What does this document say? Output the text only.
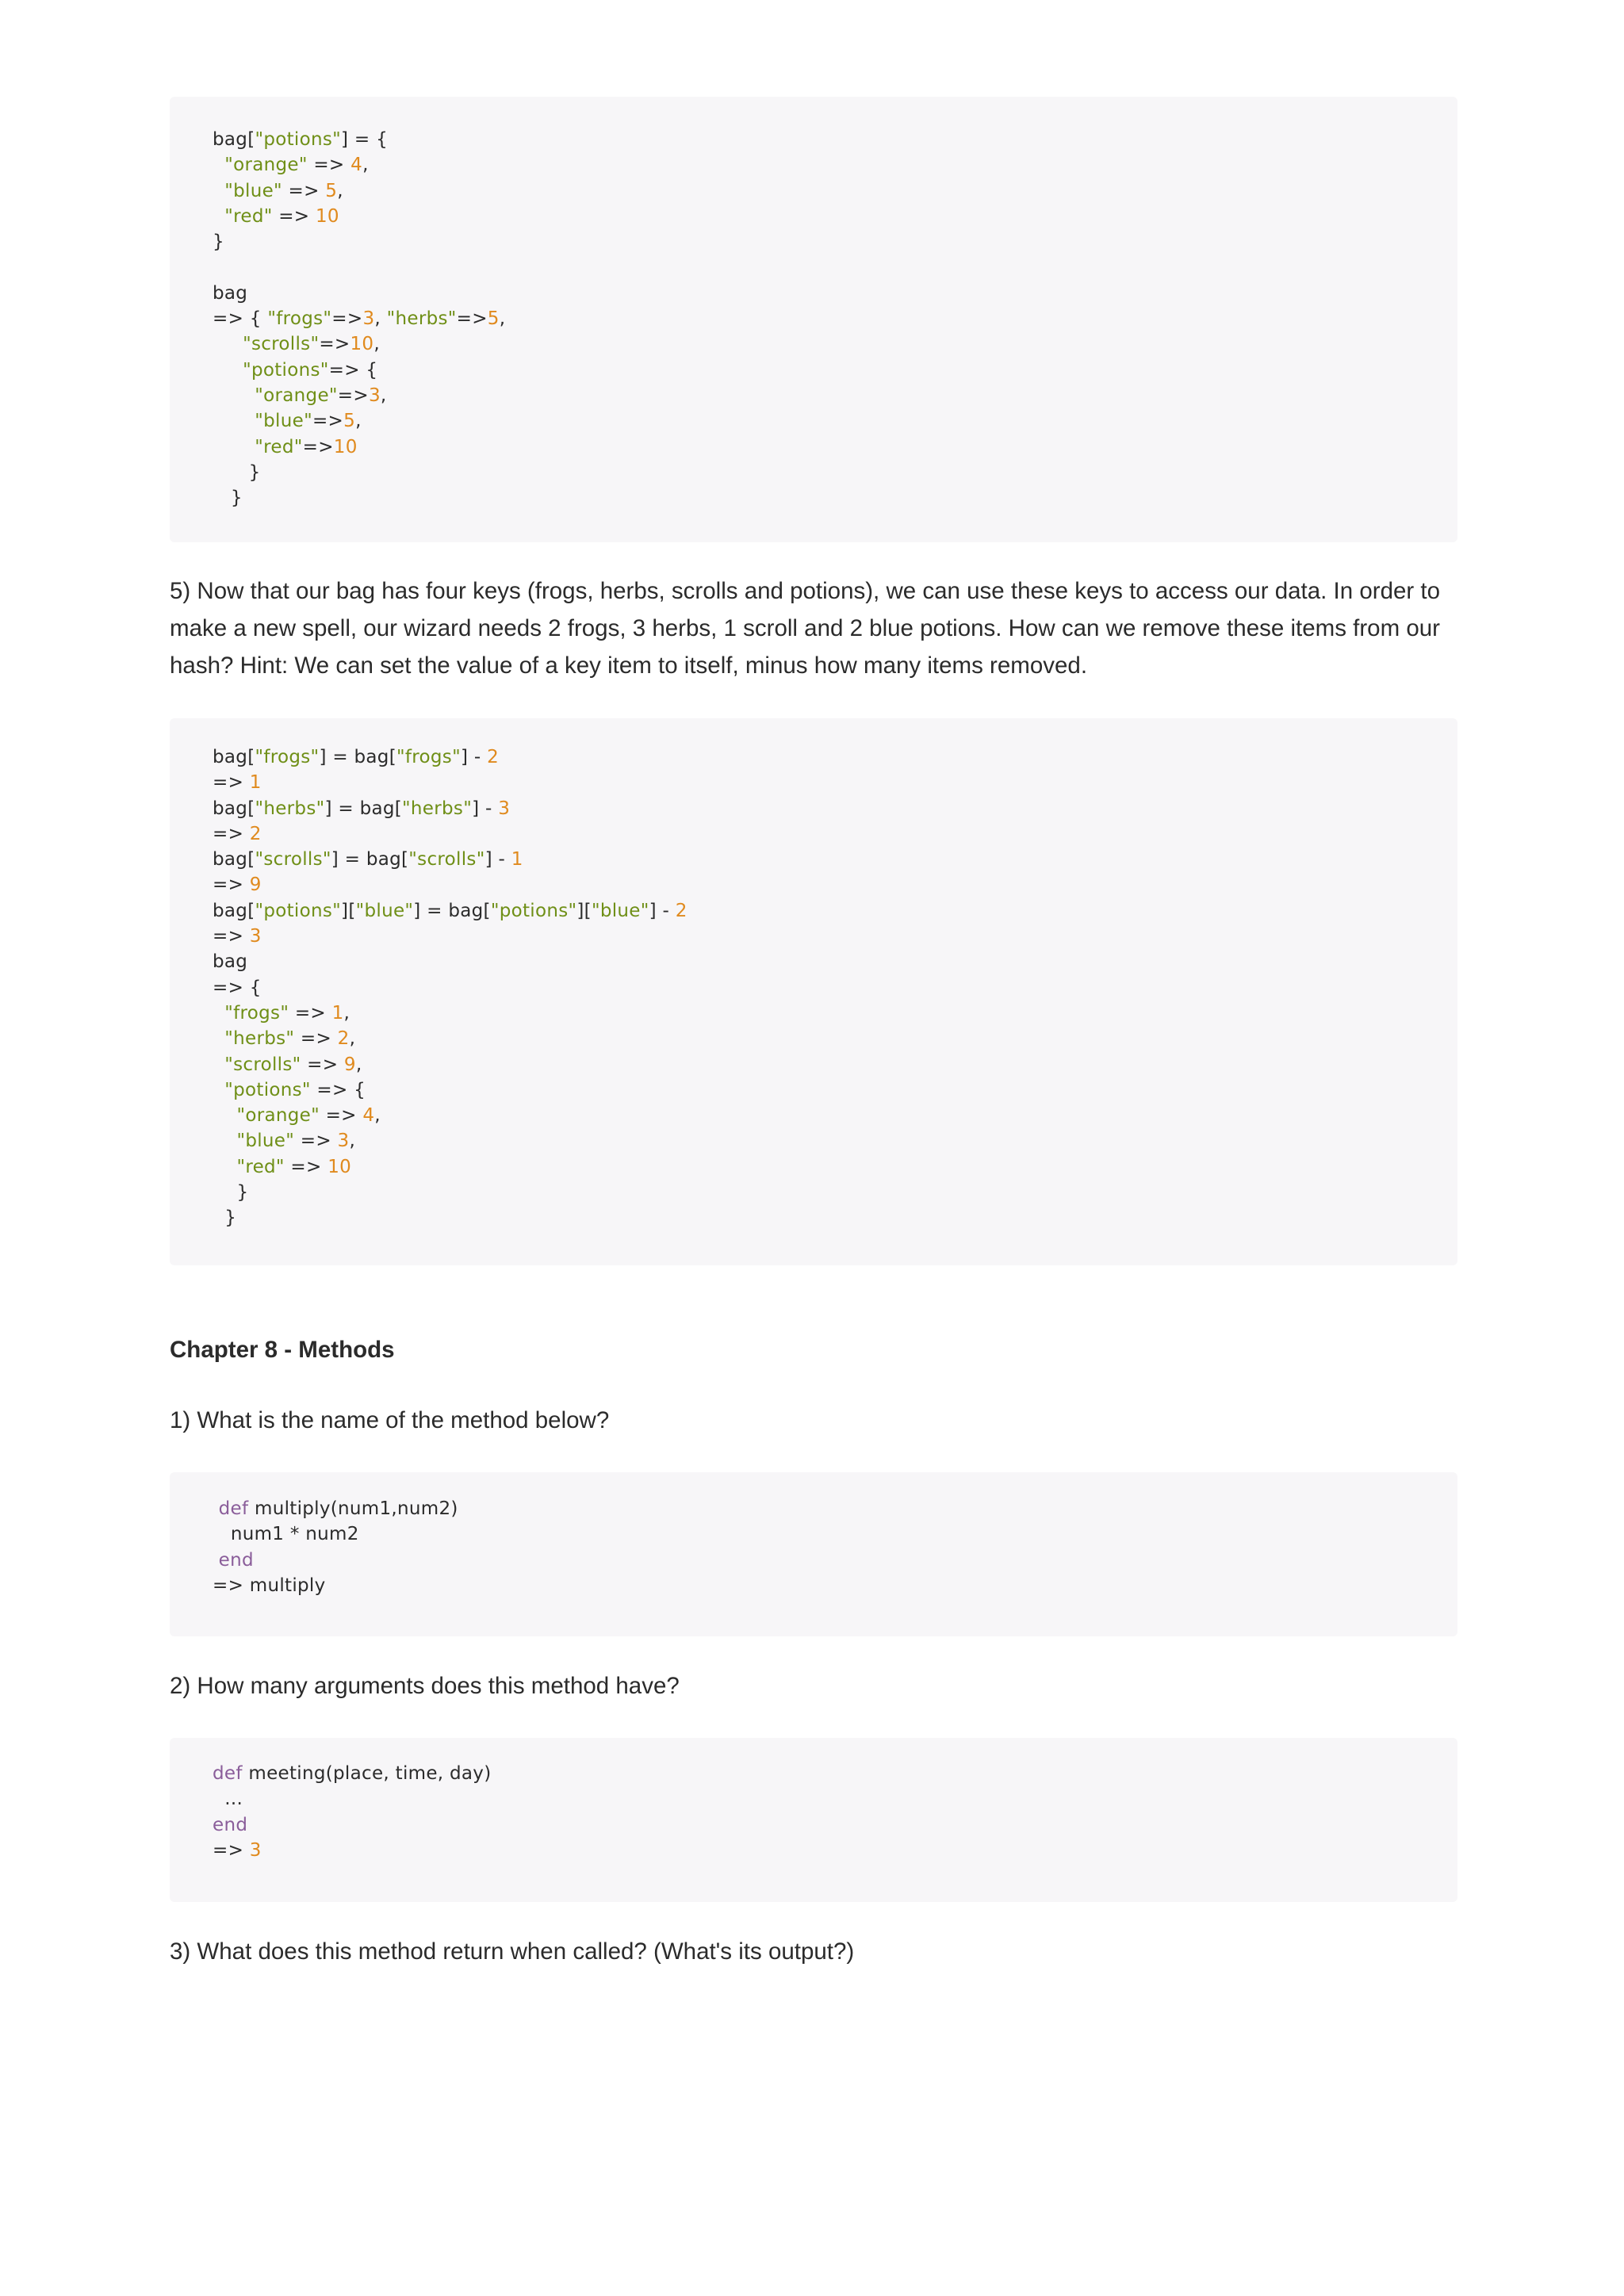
bag["potions"] = {
"orange" => 4,
"blue" => 5,
"red" => 10
}
bag
=> { "frogs"=>3, "herbs"=>5,
"scrolls"=>10,
"potions"=> {
"orange"=>3,
"blue"=>5,
"red"=>10
}
}

5) Now that our bag has four keys (frogs, herbs, scrolls and potions), we can use these keys to access our data. In order to make a new spell, our wizard needs 2 frogs, 3 herbs, 1 scroll and 2 blue potions. How can we remove these items from our hash? Hint: We can set the value of a key item to itself, minus how many items removed.

bag["frogs"] = bag["frogs"] - 2
=> 1
bag["herbs"] = bag["herbs"] - 3
=> 2
bag["scrolls"] = bag["scrolls"] - 1
=> 9
bag["potions"]["blue"] = bag["potions"]["blue"] - 2
=> 3
bag
=> {
"frogs" => 1,
"herbs" => 2,
"scrolls" => 9,
"potions" => {
"orange" => 4,
"blue" => 3,
"red" => 10
}
}
Chapter 8 - Methods

1) What is the name of the method below?

def multiply(num1,num2)
num1 * num2
end
=> multiply

2) How many arguments does this method have?

def meeting(place, time, day)
...
end
=> 3

3) What does this method return when called? (What's its output?)
